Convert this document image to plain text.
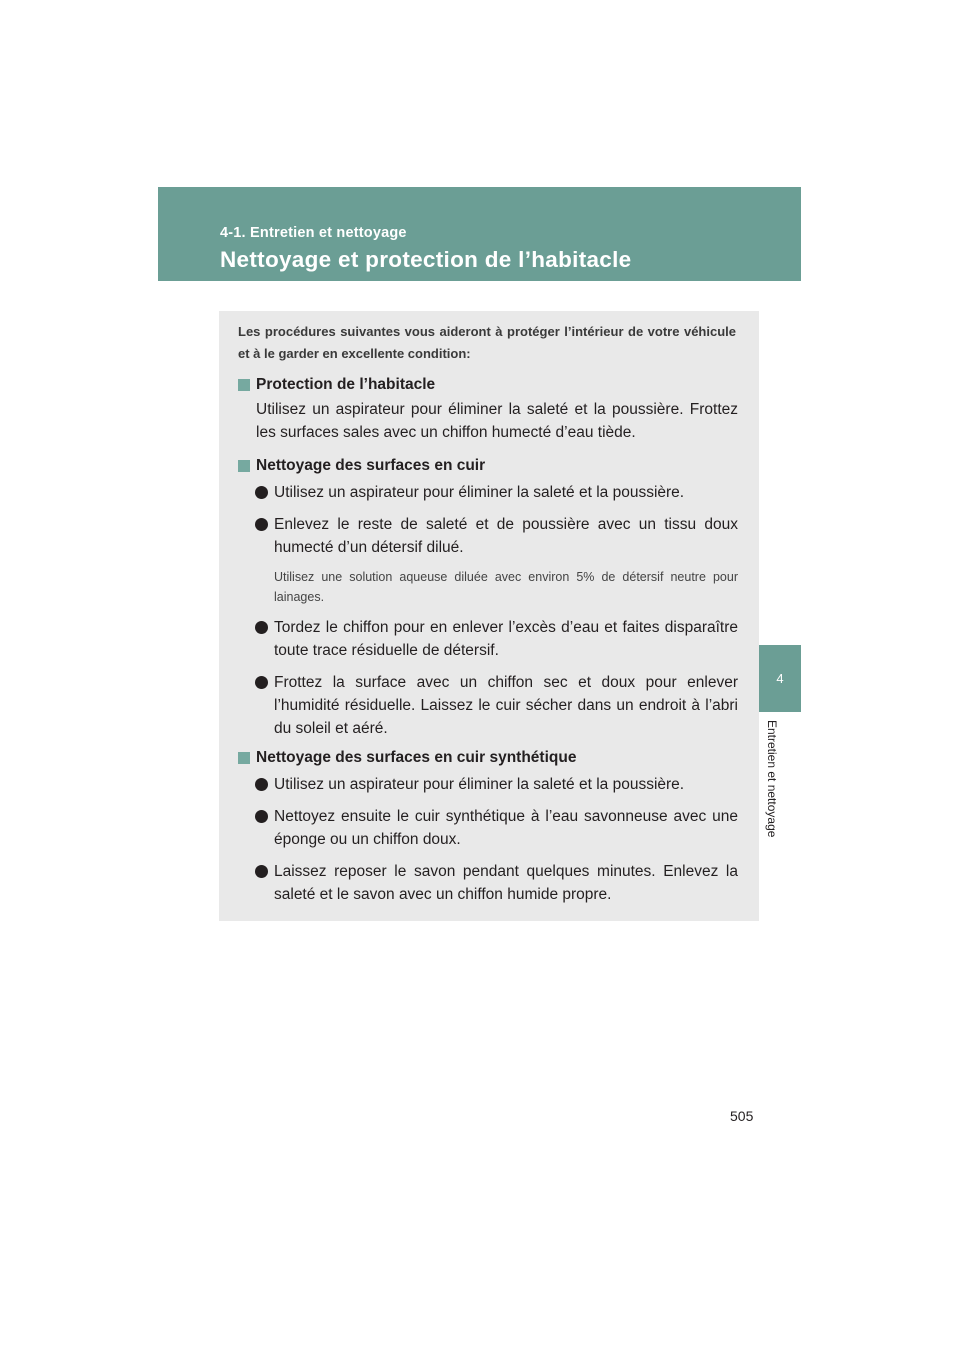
4-1. Entretien et nettoyage
Nettoyage et protection de l’habitacle
4
Entretien et nettoyage
Les procédures suivantes vous aideront à protéger l’intérieur de votre véhicule et à le garder en excellente condition:
Protection de l’habitacle
Utilisez un aspirateur pour éliminer la saleté et la poussière. Frottez les surfaces sales avec un chiffon humecté d’eau tiède.
Nettoyage des surfaces en cuir
Utilisez un aspirateur pour éliminer la saleté et la poussière.
Enlevez le reste de saleté et de poussière avec un tissu doux humecté d’un détersif dilué.
Utilisez une solution aqueuse diluée avec environ 5% de détersif neutre pour lainages.
Tordez le chiffon pour en enlever l’excès d’eau et faites disparaître toute trace résiduelle de détersif.
Frottez la surface avec un chiffon sec et doux pour enlever l’humidité résiduelle. Laissez le cuir sécher dans un endroit à l’abri du soleil et aéré.
Nettoyage des surfaces en cuir synthétique
Utilisez un aspirateur pour éliminer la saleté et la poussière.
Nettoyez ensuite le cuir synthétique à l’eau savonneuse avec une éponge ou un chiffon doux.
Laissez reposer le savon pendant quelques minutes. Enlevez la saleté et le savon avec un chiffon humide propre.
505
